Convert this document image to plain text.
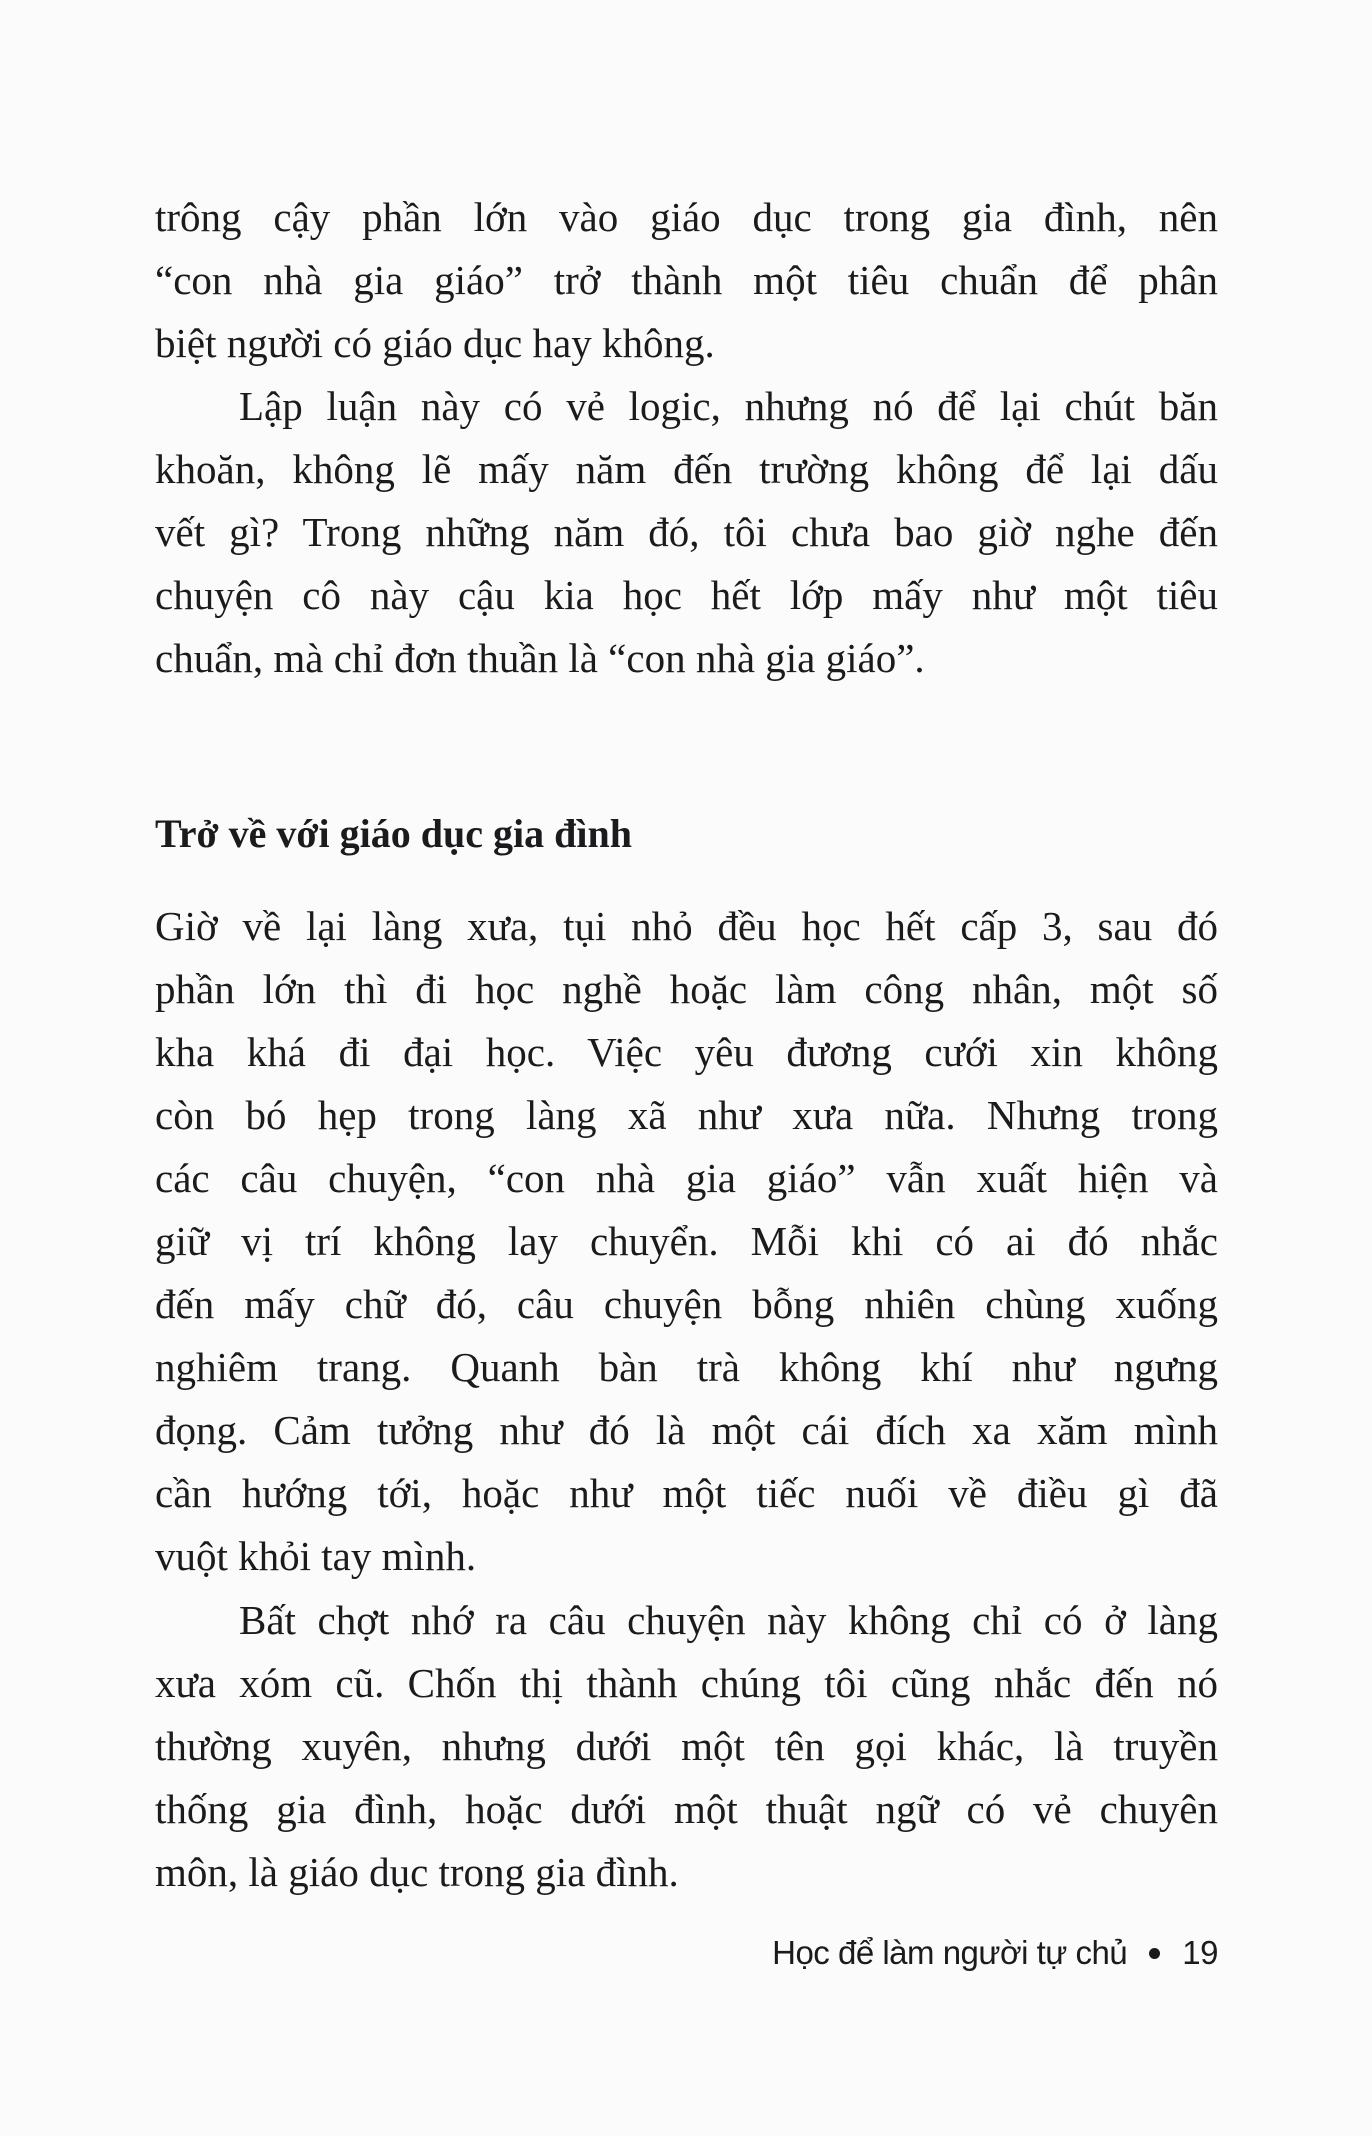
trông cậy phần lớn vào giáo dục trong gia đình, nên
“con nhà gia giáo” trở thành một tiêu chuẩn để phân
biệt người có giáo dục hay không.
Lập luận này có vẻ logic, nhưng nó để lại chút băn
khoăn, không lẽ mấy năm đến trường không để lại dấu
vết gì? Trong những năm đó, tôi chưa bao giờ nghe đến
chuyện cô này cậu kia học hết lớp mấy như một tiêu
chuẩn, mà chỉ đơn thuần là “con nhà gia giáo”.
Trở về với giáo dục gia đình
Giờ về lại làng xưa, tụi nhỏ đều học hết cấp 3, sau đó
phần lớn thì đi học nghề hoặc làm công nhân, một số
kha khá đi đại học. Việc yêu đương cưới xin không
còn bó hẹp trong làng xã như xưa nữa. Nhưng trong
các câu chuyện, “con nhà gia giáo” vẫn xuất hiện và
giữ vị trí không lay chuyển. Mỗi khi có ai đó nhắc
đến mấy chữ đó, câu chuyện bỗng nhiên chùng xuống
nghiêm trang. Quanh bàn trà không khí như ngưng
đọng. Cảm tưởng như đó là một cái đích xa xăm mình
cần hướng tới, hoặc như một tiếc nuối về điều gì đã
vuột khỏi tay mình.
Bất chợt nhớ ra câu chuyện này không chỉ có ở làng
xưa xóm cũ. Chốn thị thành chúng tôi cũng nhắc đến nó
thường xuyên, nhưng dưới một tên gọi khác, là truyền
thống gia đình, hoặc dưới một thuật ngữ có vẻ chuyên
môn, là giáo dục trong gia đình.
Học để làm người tự chủ 19
